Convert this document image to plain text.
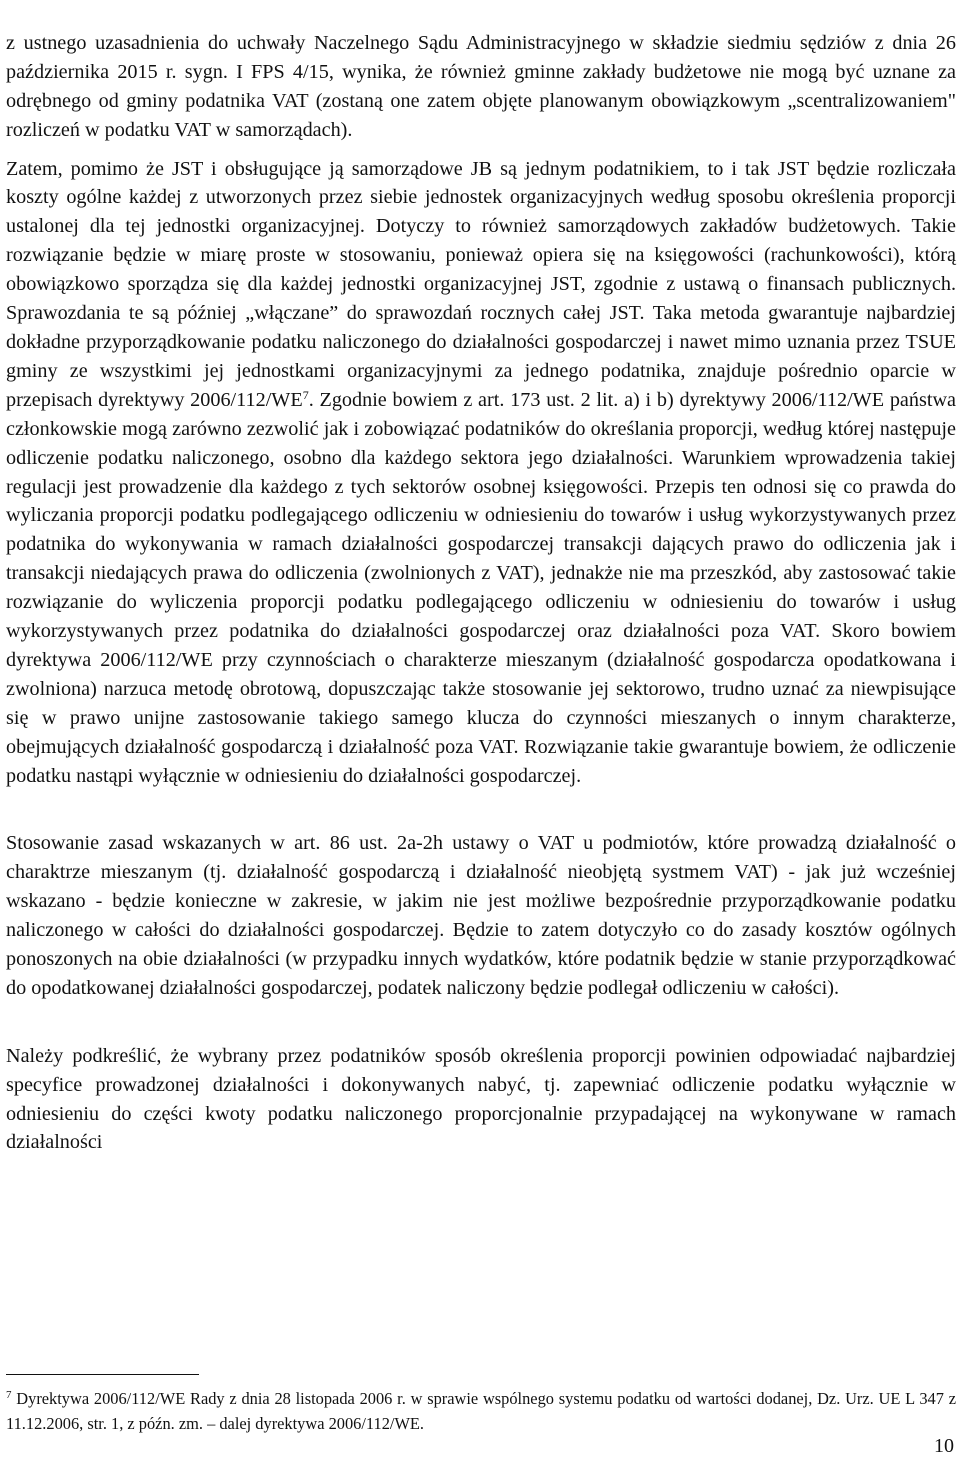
z ustnego uzasadnienia do uchwały Naczelnego Sądu Administracyjnego w składzie siedmiu sędziów z dnia 26 października 2015 r. sygn. I FPS 4/15, wynika, że również gminne zakłady budżetowe nie mogą być uznane za odrębnego od gminy podatnika VAT (zostaną one zatem objęte planowanym obowiązkowym „scentralizowaniem" rozliczeń w podatku VAT w samorządach).

Zatem, pomimo że JST i obsługujące ją samorządowe JB są jednym podatnikiem, to i tak JST będzie rozliczała koszty ogólne każdej z utworzonych przez siebie jednostek organizacyjnych według sposobu określenia proporcji ustalonej dla tej jednostki organizacyjnej. Dotyczy to również samorządowych zakładów budżetowych. Takie rozwiązanie będzie w miarę proste w stosowaniu, ponieważ opiera się na księgowości (rachunkowości), którą obowiązkowo sporządza się dla każdej jednostki organizacyjnej JST, zgodnie z ustawą o finansach publicznych. Sprawozdania te są później „włączane” do sprawozdań rocznych całej JST. Taka metoda gwarantuje najbardziej dokładne przyporządkowanie podatku naliczonego do działalności gospodarczej i nawet mimo uznania przez TSUE gminy ze wszystkimi jej jednostkami organizacyjnymi za jednego podatnika, znajduje pośrednio oparcie w przepisach dyrektywy $2006/112/WE^7$. Zgodnie bowiem z art. 173 ust. 2 lit. a) i b) dyrektywy 2006/112/WE państwa członkowskie mogą zarówno zezwolić jak i zobowiązać podatników do określania proporcji, według której następuje odliczenie podatku naliczonego, osobno dla każdego sektora jego działalności. Warunkiem wprowadzenia takiej regulacji jest prowadzenie dla każdego z tych sektorów osobnej księgowości. Przepis ten odnosi się co prawda do wyliczania proporcji podatku podlegającego odliczeniu w odniesieniu do towarów i usług wykorzystywanych przez podatnika do wykonywania w ramach działalności gospodarczej transakcji dających prawo do odliczenia jak i transakcji niedających prawa do odliczenia (zwolnionych z VAT), jednakże nie ma przeszkód, aby zastosować takie rozwiązanie do wyliczenia proporcji podatku podlegającego odliczeniu w odniesieniu do towarów i usług wykorzystywanych przez podatnika do działalności gospodarczej oraz działalności poza VAT. Skoro bowiem dyrektywa 2006/112/WE przy czynnościach o charakterze mieszanym (działalność gospodarcza opodatkowana i zwolniona) narzuca metodę obrotową, dopuszczając także stosowanie jej sektorowo, trudno uznać za niewpisujące się w prawo unijne zastosowanie takiego samego klucza do czynności mieszanych o innym charakterze, obejmujących działalność gospodarczą i działalność poza VAT. Rozwiązanie takie gwarantuje bowiem, że odliczenie podatku nastąpi wyłącznie w odniesieniu do działalności gospodarczej.

Stosowanie zasad wskazanych w art. 86 ust. 2a-2h ustawy o VAT u podmiotów, które prowadzą działalność o charaktrze mieszanym (tj. działalność gospodarczą i działalność nieobjętą systmem VAT) - jak już wcześniej wskazano - będzie konieczne w zakresie, w jakim nie jest możliwe bezpośrednie przyporządkowanie podatku naliczonego w całości do działalności gospodarczej. Będzie to zatem dotyczyło co do zasady kosztów ogólnych ponoszonych na obie działalności (w przypadku innych wydatków, które podatnik będzie w stanie przyporządkować do opodatkowanej działalności gospodarczej, podatek naliczony będzie podlegał odliczeniu w całości).

Należy podkreślić, że wybrany przez podatników sposób określenia proporcji powinien odpowiadać najbardziej specyfice prowadzonej działalności i dokonywanych nabyć, tj. zapewniać odliczenie podatku wyłącznie w odniesieniu do części kwoty podatku naliczonego proporcjonalnie przypadającej na wykonywane w ramach działalności

$^7$ Dyrektywa 2006/112/WE Rady z dnia 28 listopada 2006 r. w sprawie wspólnego systemu podatku od wartości dodanej, Dz. Urz. UE L 347 z 11.12.2006, str. 1, z późn. zm. – dalej dyrektywa 2006/112/WE.

10
